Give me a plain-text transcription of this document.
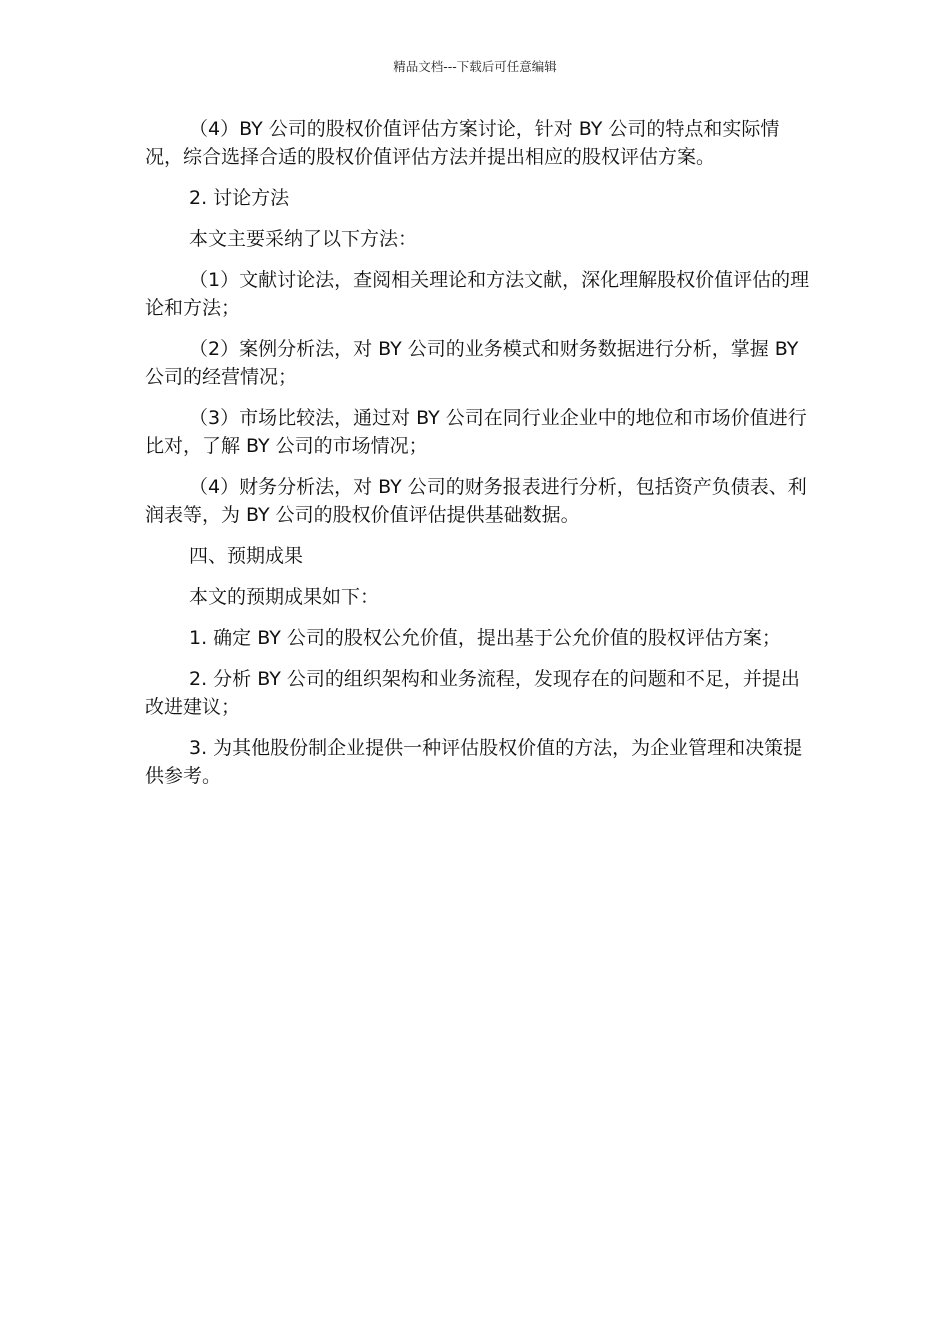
精品文档---下载后可任意编辑

（4）BY 公司的股权价值评估方案讨论，针对 BY 公司的特点和实际情况，综合选择合适的股权价值评估方法并提出相应的股权评估方案。

2. 讨论方法

本文主要采纳了以下方法：

（1）文献讨论法，查阅相关理论和方法文献，深化理解股权价值评估的理论和方法；

（2）案例分析法，对 BY 公司的业务模式和财务数据进行分析，掌握 BY 公司的经营情况；

（3）市场比较法，通过对 BY 公司在同行业企业中的地位和市场价值进行比对，了解 BY 公司的市场情况；

（4）财务分析法，对 BY 公司的财务报表进行分析，包括资产负债表、利润表等，为 BY 公司的股权价值评估提供基础数据。

四、预期成果

本文的预期成果如下：

1. 确定 BY 公司的股权公允价值，提出基于公允价值的股权评估方案；

2. 分析 BY 公司的组织架构和业务流程，发现存在的问题和不足，并提出改进建议；

3. 为其他股份制企业提供一种评估股权价值的方法，为企业管理和决策提供参考。
